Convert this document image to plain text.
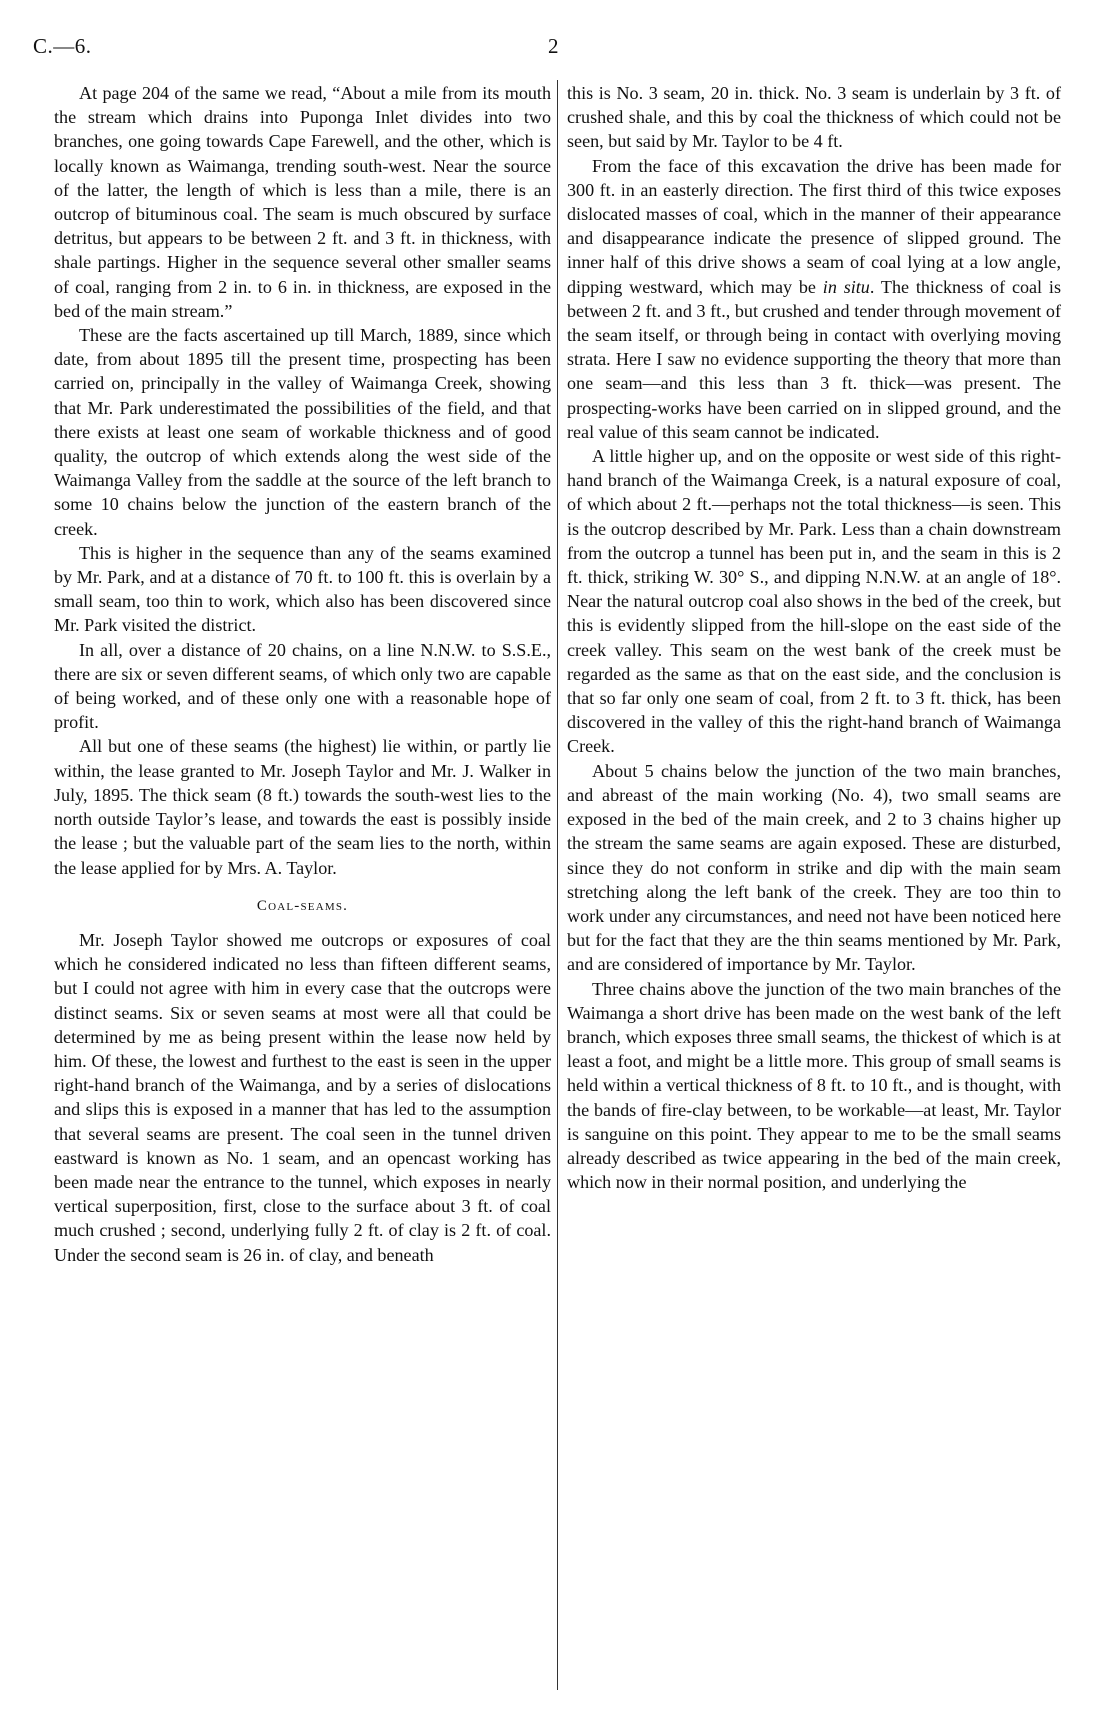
C.—6.	2

At page 204 of the same we read, “About a mile from its mouth the stream which drains into Puponga Inlet divides into two branches, one going towards Cape Farewell, and the other, which is locally known as Waimanga, trending south-west. Near the source of the latter, the length of which is less than a mile, there is an outcrop of bituminous coal. The seam is much obscured by surface detritus, but appears to be between 2 ft. and 3 ft. in thickness, with shale partings. Higher in the sequence several other smaller seams of coal, ranging from 2 in. to 6 in. in thickness, are exposed in the bed of the main stream.”

These are the facts ascertained up till March, 1889, since which date, from about 1895 till the present time, prospecting has been carried on, principally in the valley of Waimanga Creek, showing that Mr. Park underestimated the possibilities of the field, and that there exists at least one seam of workable thickness and of good quality, the outcrop of which extends along the west side of the Waimanga Valley from the saddle at the source of the left branch to some 10 chains below the junction of the eastern branch of the creek.

This is higher in the sequence than any of the seams examined by Mr. Park, and at a distance of 70 ft. to 100 ft. this is overlain by a small seam, too thin to work, which also has been discovered since Mr. Park visited the district.

In all, over a distance of 20 chains, on a line N.N.W. to S.S.E., there are six or seven different seams, of which only two are capable of being worked, and of these only one with a reasonable hope of profit.

All but one of these seams (the highest) lie within, or partly lie within, the lease granted to Mr. Joseph Taylor and Mr. J. Walker in July, 1895. The thick seam (8 ft.) towards the south-west lies to the north outside Taylor’s lease, and towards the east is possibly inside the lease ; but the valuable part of the seam lies to the north, within the lease applied for by Mrs. A. Taylor.

Coal-seams.

Mr. Joseph Taylor showed me outcrops or exposures of coal which he considered indicated no less than fifteen different seams, but I could not agree with him in every case that the outcrops were distinct seams. Six or seven seams at most were all that could be determined by me as being present within the lease now held by him. Of these, the lowest and furthest to the east is seen in the upper right-hand branch of the Waimanga, and by a series of dislocations and slips this is exposed in a manner that has led to the assumption that several seams are present. The coal seen in the tunnel driven eastward is known as No. 1 seam, and an opencast working has been made near the entrance to the tunnel, which exposes in nearly vertical superposition, first, close to the surface about 3 ft. of coal much crushed ; second, underlying fully 2 ft. of clay is 2 ft. of coal. Under the second seam is 26 in. of clay, and beneath

this is No. 3 seam, 20 in. thick. No. 3 seam is underlain by 3 ft. of crushed shale, and this by coal the thickness of which could not be seen, but said by Mr. Taylor to be 4 ft.

From the face of this excavation the drive has been made for 300 ft. in an easterly direction. The first third of this twice exposes dislocated masses of coal, which in the manner of their appearance and disappearance indicate the presence of slipped ground. The inner half of this drive shows a seam of coal lying at a low angle, dipping westward, which may be in situ. The thickness of coal is between 2 ft. and 3 ft., but crushed and tender through movement of the seam itself, or through being in contact with overlying moving strata. Here I saw no evidence supporting the theory that more than one seam—and this less than 3 ft. thick—was present. The prospecting-works have been carried on in slipped ground, and the real value of this seam cannot be indicated.

A little higher up, and on the opposite or west side of this right-hand branch of the Waimanga Creek, is a natural exposure of coal, of which about 2 ft.—perhaps not the total thickness—is seen. This is the outcrop described by Mr. Park. Less than a chain downstream from the outcrop a tunnel has been put in, and the seam in this is 2 ft. thick, striking W. 30° S., and dipping N.N.W. at an angle of 18°. Near the natural outcrop coal also shows in the bed of the creek, but this is evidently slipped from the hill-slope on the east side of the creek valley. This seam on the west bank of the creek must be regarded as the same as that on the east side, and the conclusion is that so far only one seam of coal, from 2 ft. to 3 ft. thick, has been discovered in the valley of this the right-hand branch of Waimanga Creek.

About 5 chains below the junction of the two main branches, and abreast of the main working (No. 4), two small seams are exposed in the bed of the main creek, and 2 to 3 chains higher up the stream the same seams are again exposed. These are disturbed, since they do not conform in strike and dip with the main seam stretching along the left bank of the creek. They are too thin to work under any circumstances, and need not have been noticed here but for the fact that they are the thin seams mentioned by Mr. Park, and are considered of importance by Mr. Taylor.

Three chains above the junction of the two main branches of the Waimanga a short drive has been made on the west bank of the left branch, which exposes three small seams, the thickest of which is at least a foot, and might be a little more. This group of small seams is held within a vertical thickness of 8 ft. to 10 ft., and is thought, with the bands of fire-clay between, to be workable—at least, Mr. Taylor is sanguine on this point. They appear to me to be the small seams already described as twice appearing in the bed of the main creek, which now in their normal position, and underlying the
